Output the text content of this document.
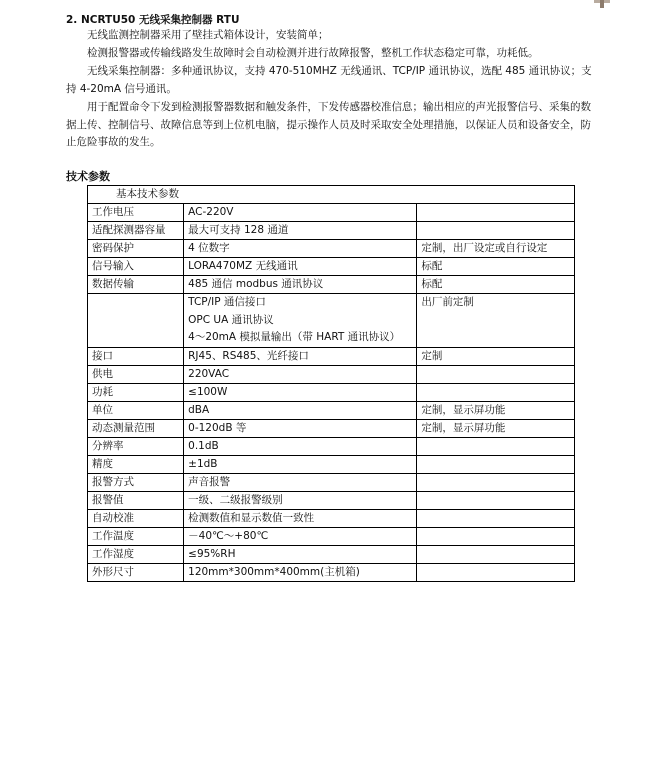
2. NCRTU50 无线采集控制器 RTU

无线监测控制器采用了壁挂式箱体设计，安装简单；

检测报警器或传输线路发生故障时会自动检测并进行故障报警，整机工作状态稳定可靠，功耗低。

无线采集控制器：多种通讯协议，支持 470-510MHZ 无线通讯、TCP/IP 通讯协议，选配 485 通讯协议；支持 4-20mA 信号通讯。

用于配置命令下发到检测报警器数据和触发条件，下发传感器校准信息；输出相应的声光报警信号、采集的数据上传、控制信号、故障信息等到上位机电脑，提示操作人员及时采取安全处理措施，以保证人员和设备安全，防止危险事故的发生。

技术参数
基本技术参数		
工作电压	AC-220V	
适配探测器容量	最大可支持 128 通道	
密码保护	4 位数字	定制，出厂设定或自行设定
信号输入	LORA470MZ 无线通讯	标配
数据传输	485 通信 modbus 通讯协议	标配

	TCP/IP 通信接口
OPC UA 通讯协议
4～20mA 模拟量输出（带 HART 通讯协议）	出厂前定制
接口	RJ45、RS485、光纤接口	定制
供电	220VAC	
功耗	≤100W	
单位	dBA	定制，显示屏功能
动态测量范围	0-120dB 等	定制，显示屏功能
分辨率	0.1dB	
精度	±1dB	
报警方式	声音报警	
报警值	一级、二级报警级别	
自动校准	检测数值和显示数值一致性	
工作温度	－40℃～+80℃	
工作湿度	≤95%RH	
外形尺寸	120mm*300mm*400mm(主机箱)	
